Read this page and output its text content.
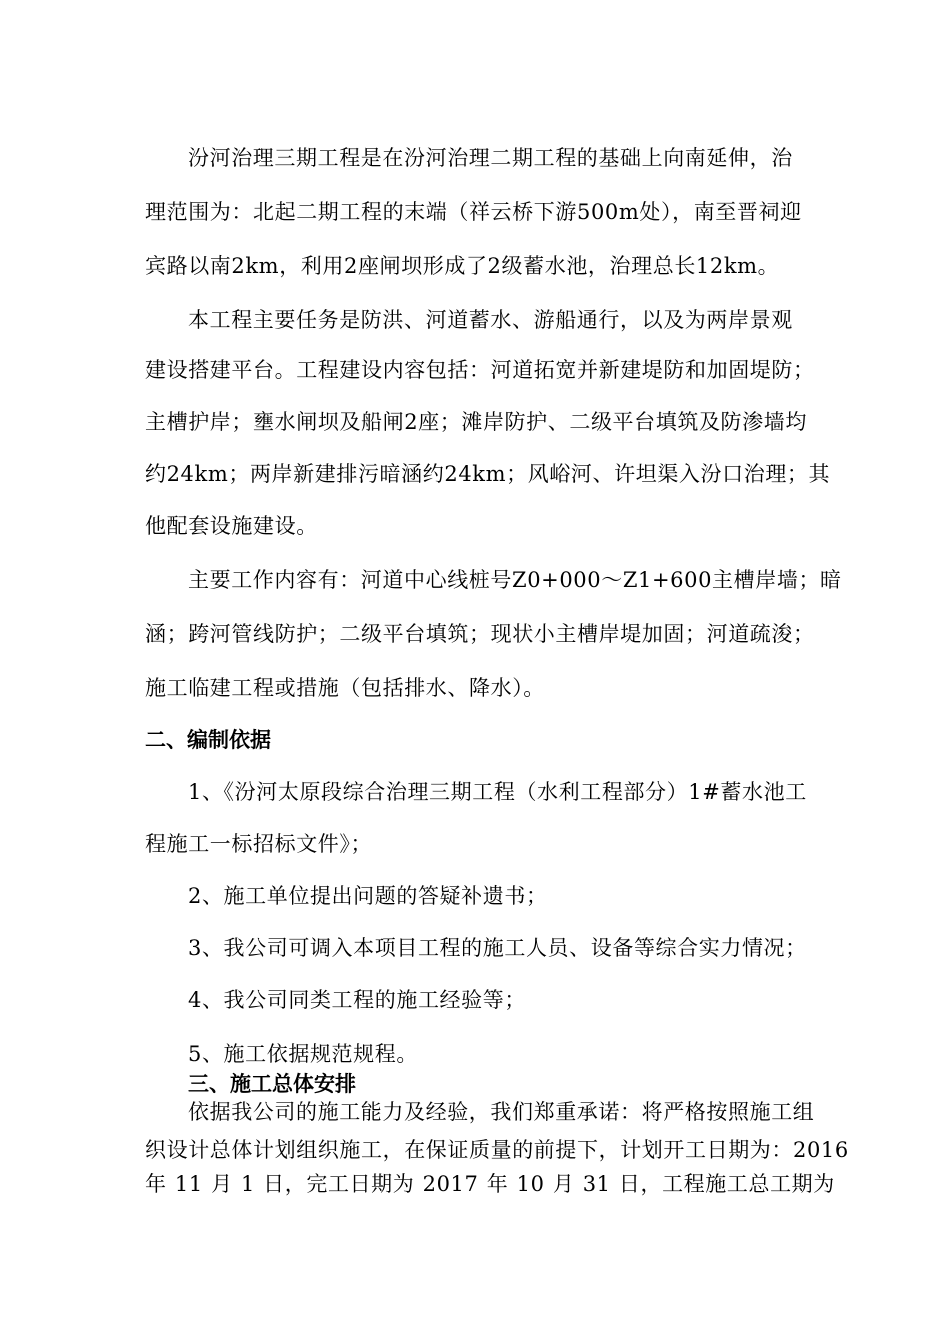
汾河治理三期工程是在汾河治理二期工程的基础上向南延伸，治
理范围为：北起二期工程的末端（祥云桥下游500m处），南至晋祠迎
宾路以南2km，利用2座闸坝形成了2级蓄水池，治理总长12km。
本工程主要任务是防洪、河道蓄水、游船通行，以及为两岸景观
建设搭建平台。工程建设内容包括：河道拓宽并新建堤防和加固堤防；
主槽护岸；壅水闸坝及船闸2座；滩岸防护、二级平台填筑及防渗墙均
约24km；两岸新建排污暗涵约24km；风峪河、许坦渠入汾口治理；其
他配套设施建设。
主要工作内容有：河道中心线桩号Z0+000～Z1+600主槽岸墙；暗
涵；跨河管线防护；二级平台填筑；现状小主槽岸堤加固；河道疏浚；
施工临建工程或措施（包括排水、降水）。
二、编制依据
1、《汾河太原段综合治理三期工程（水利工程部分）1#蓄水池工
程施工一标招标文件》；
2、施工单位提出问题的答疑补遗书；
3、我公司可调入本项目工程的施工人员、设备等综合实力情况；
4、我公司同类工程的施工经验等；
5、施工依据规范规程。
三、施工总体安排
依据我公司的施工能力及经验，我们郑重承诺：将严格按照施工组
织设计总体计划组织施工，在保证质量的前提下，计划开工日期为：2016
年 11 月 1 日，完工日期为 2017 年 10 月 31 日，工程施工总工期为
